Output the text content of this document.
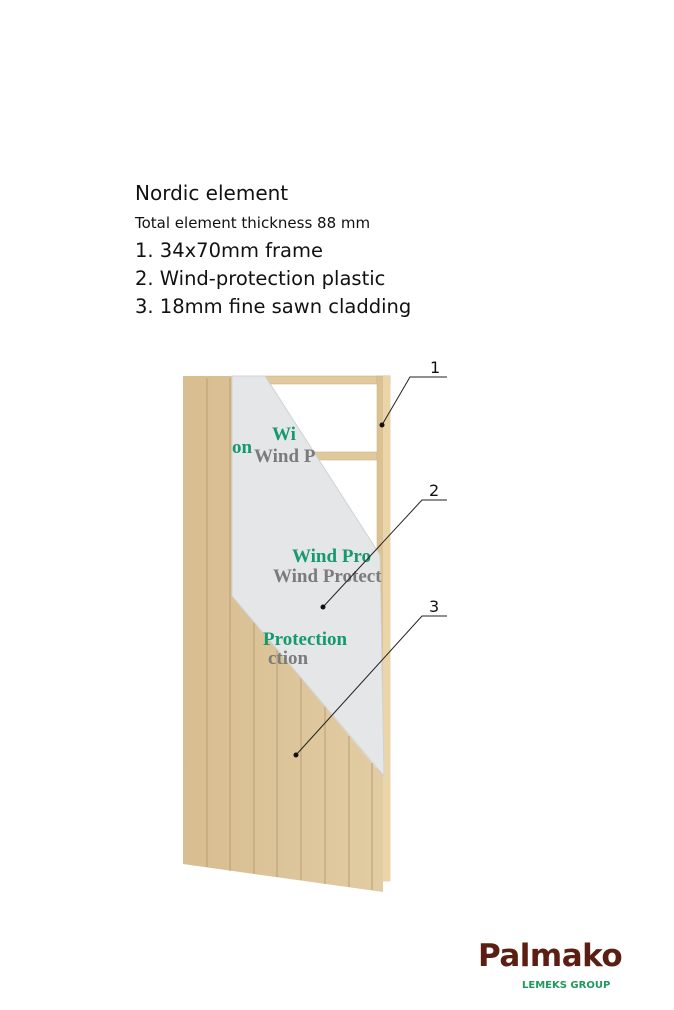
Nordic element
Total element thickness 88 mm
1. 34x70mm frame
2. Wind-protection plastic
3. 18mm fine sawn cladding
Wi
on Wind P
Wind Pro
Wind Protect
Protection
ction
1
2
3
Palmako
LEMEKS GROUP
